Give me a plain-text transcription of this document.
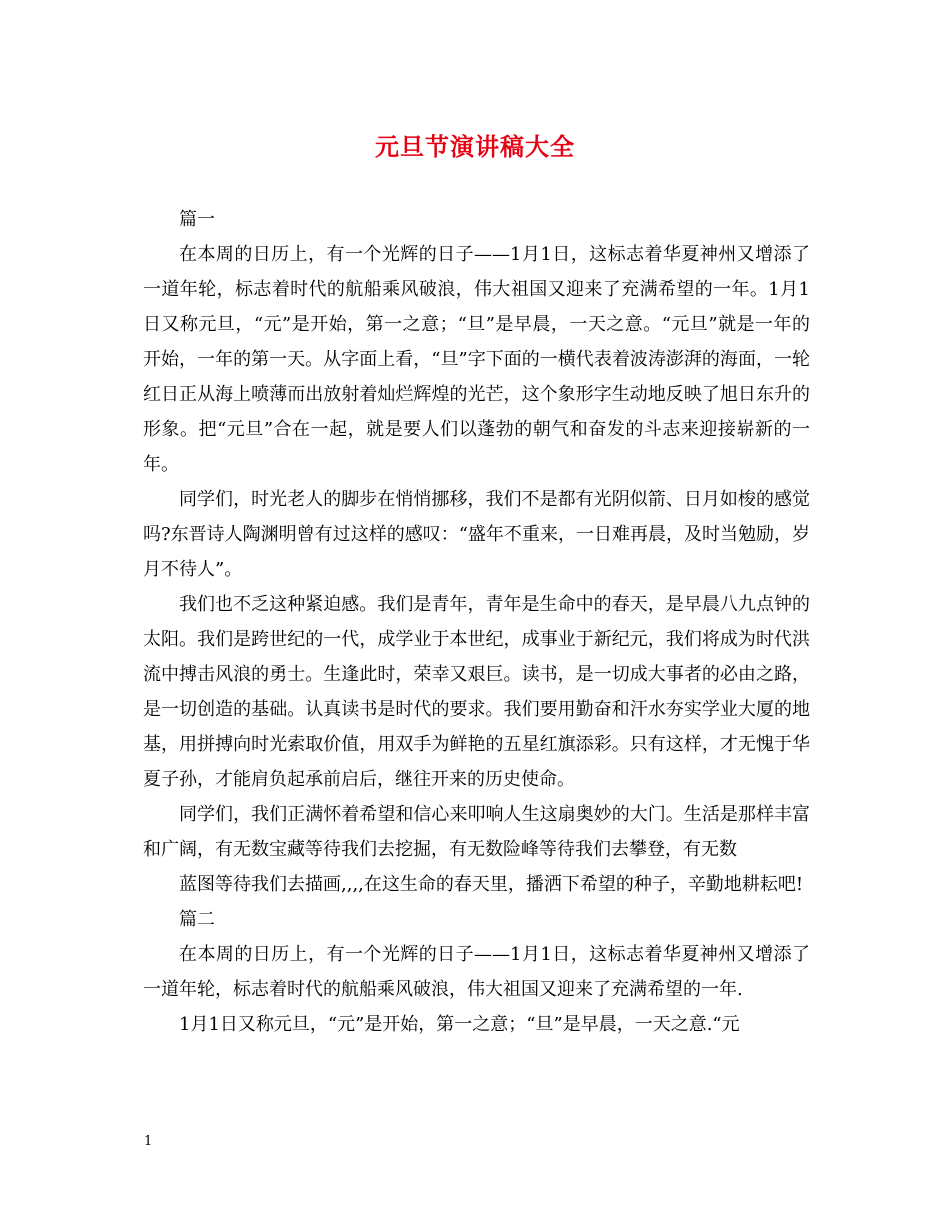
元旦节演讲稿大全

篇一

在本周的日历上，有一个光辉的日子——1月1日，这标志着华夏神州又增添了一道年轮，标志着时代的航船乘风破浪，伟大祖国又迎来了充满希望的一年。1月1日又称元旦，“元”是开始，第一之意；“旦”是早晨，一天之意。“元旦”就是一年的开始，一年的第一天。从字面上看，“旦”字下面的一横代表着波涛澎湃的海面，一轮红日正从海上喷薄而出放射着灿烂辉煌的光芒，这个象形字生动地反映了旭日东升的形象。把“元旦”合在一起，就是要人们以蓬勃的朝气和奋发的斗志来迎接崭新的一年。

同学们，时光老人的脚步在悄悄挪移，我们不是都有光阴似箭、日月如梭的感觉吗?东晋诗人陶渊明曾有过这样的感叹：“盛年不重来，一日难再晨，及时当勉励，岁月不待人”。

我们也不乏这种紧迫感。我们是青年，青年是生命中的春天，是早晨八九点钟的太阳。我们是跨世纪的一代，成学业于本世纪，成事业于新纪元，我们将成为时代洪流中搏击风浪的勇士。生逢此时，荣幸又艰巨。读书，是一切成大事者的必由之路，是一切创造的基础。认真读书是时代的要求。我们要用勤奋和汗水夯实学业大厦的地基，用拼搏向时光索取价值，用双手为鲜艳的五星红旗添彩。只有这样，才无愧于华夏子孙，才能肩负起承前启后，继往开来的历史使命。

同学们，我们正满怀着希望和信心来叩响人生这扇奥妙的大门。生活是那样丰富和广阔，有无数宝藏等待我们去挖掘，有无数险峰等待我们去攀登，有无数

蓝图等待我们去描画,,,,在这生命的春天里，播洒下希望的种子，辛勤地耕耘吧!

篇二

在本周的日历上，有一个光辉的日子——1月1日，这标志着华夏神州又增添了一道年轮，标志着时代的航船乘风破浪，伟大祖国又迎来了充满希望的一年.

1月1日又称元旦，“元”是开始，第一之意；“旦”是早晨，一天之意.“元

1
